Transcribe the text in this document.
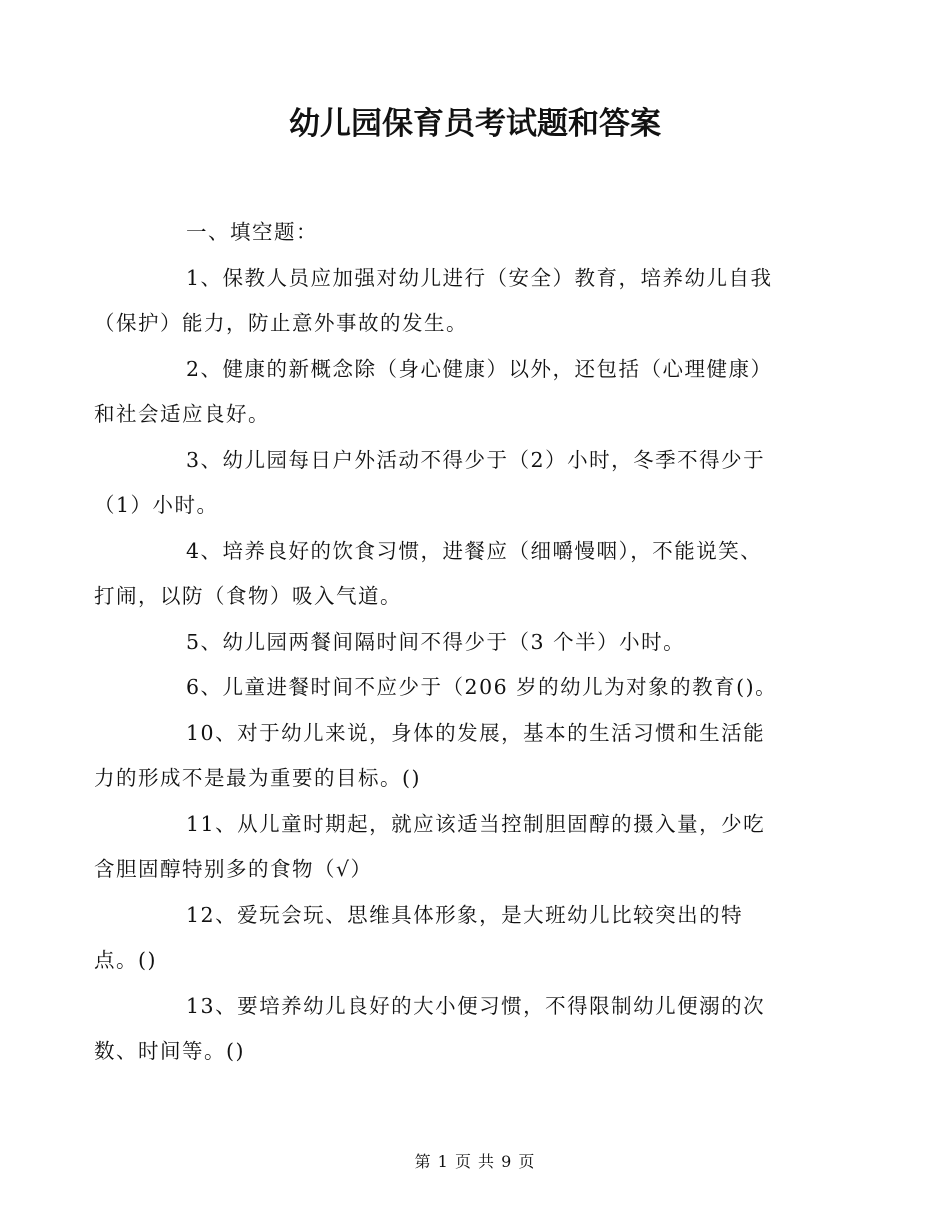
幼儿园保育员考试题和答案

一、填空题：

1、保教人员应加强对幼儿进行（安全）教育，培养幼儿自我
（保护）能力，防止意外事故的发生。

2、健康的新概念除（身心健康）以外，还包括（心理健康）
和社会适应良好。

3、幼儿园每日户外活动不得少于（2）小时，冬季不得少于
（1）小时。

4、培养良好的饮食习惯，进餐应（细嚼慢咽），不能说笑、
打闹，以防（食物）吸入气道。

5、幼儿园两餐间隔时间不得少于（3 个半）小时。

6、儿童进餐时间不应少于（206 岁的幼儿为对象的教育()。

10、对于幼儿来说，身体的发展，基本的生活习惯和生活能
力的形成不是最为重要的目标。()

11、从儿童时期起，就应该适当控制胆固醇的摄入量，少吃
含胆固醇特别多的食物（√）

12、爱玩会玩、思维具体形象，是大班幼儿比较突出的特
点。()

13、要培养幼儿良好的大小便习惯，不得限制幼儿便溺的次
数、时间等。()

第 1 页 共 9 页
